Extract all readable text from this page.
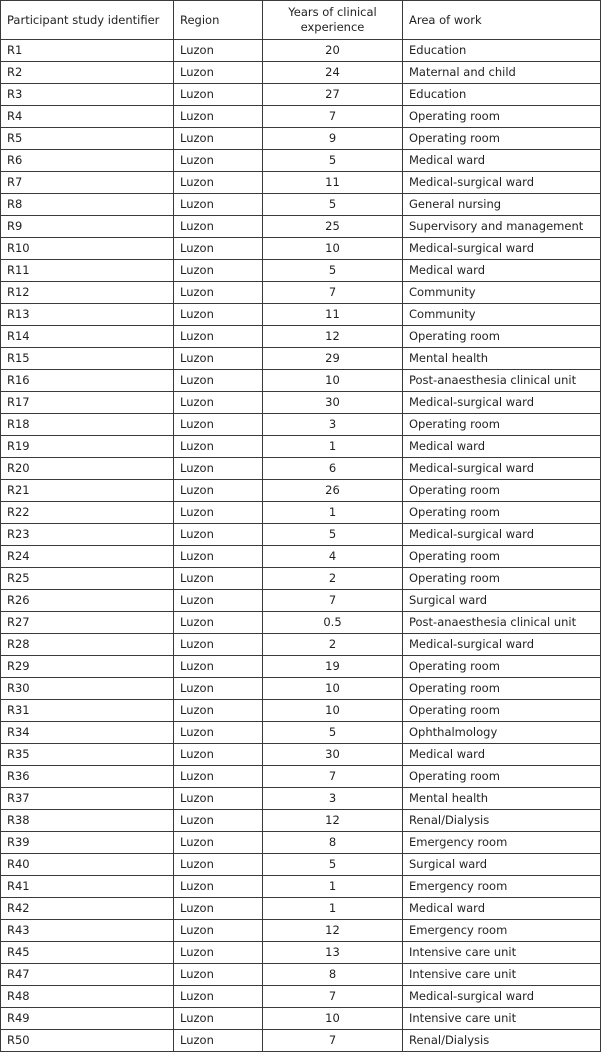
Participant study identifier	Region	Years of clinical experience	Area of work
R1	Luzon	20	Education
R2	Luzon	24	Maternal and child
R3	Luzon	27	Education
R4	Luzon	7	Operating room
R5	Luzon	9	Operating room
R6	Luzon	5	Medical ward
R7	Luzon	11	Medical-surgical ward
R8	Luzon	5	General nursing
R9	Luzon	25	Supervisory and management
R10	Luzon	10	Medical-surgical ward
R11	Luzon	5	Medical ward
R12	Luzon	7	Community
R13	Luzon	11	Community
R14	Luzon	12	Operating room
R15	Luzon	29	Mental health
R16	Luzon	10	Post-anaesthesia clinical unit
R17	Luzon	30	Medical-surgical ward
R18	Luzon	3	Operating room
R19	Luzon	1	Medical ward
R20	Luzon	6	Medical-surgical ward
R21	Luzon	26	Operating room
R22	Luzon	1	Operating room
R23	Luzon	5	Medical-surgical ward
R24	Luzon	4	Operating room
R25	Luzon	2	Operating room
R26	Luzon	7	Surgical ward
R27	Luzon	0.5	Post-anaesthesia clinical unit
R28	Luzon	2	Medical-surgical ward
R29	Luzon	19	Operating room
R30	Luzon	10	Operating room
R31	Luzon	10	Operating room
R34	Luzon	5	Ophthalmology
R35	Luzon	30	Medical ward
R36	Luzon	7	Operating room
R37	Luzon	3	Mental health
R38	Luzon	12	Renal/Dialysis
R39	Luzon	8	Emergency room
R40	Luzon	5	Surgical ward
R41	Luzon	1	Emergency room
R42	Luzon	1	Medical ward
R43	Luzon	12	Emergency room
R45	Luzon	13	Intensive care unit
R47	Luzon	8	Intensive care unit
R48	Luzon	7	Medical-surgical ward
R49	Luzon	10	Intensive care unit
R50	Luzon	7	Renal/Dialysis
